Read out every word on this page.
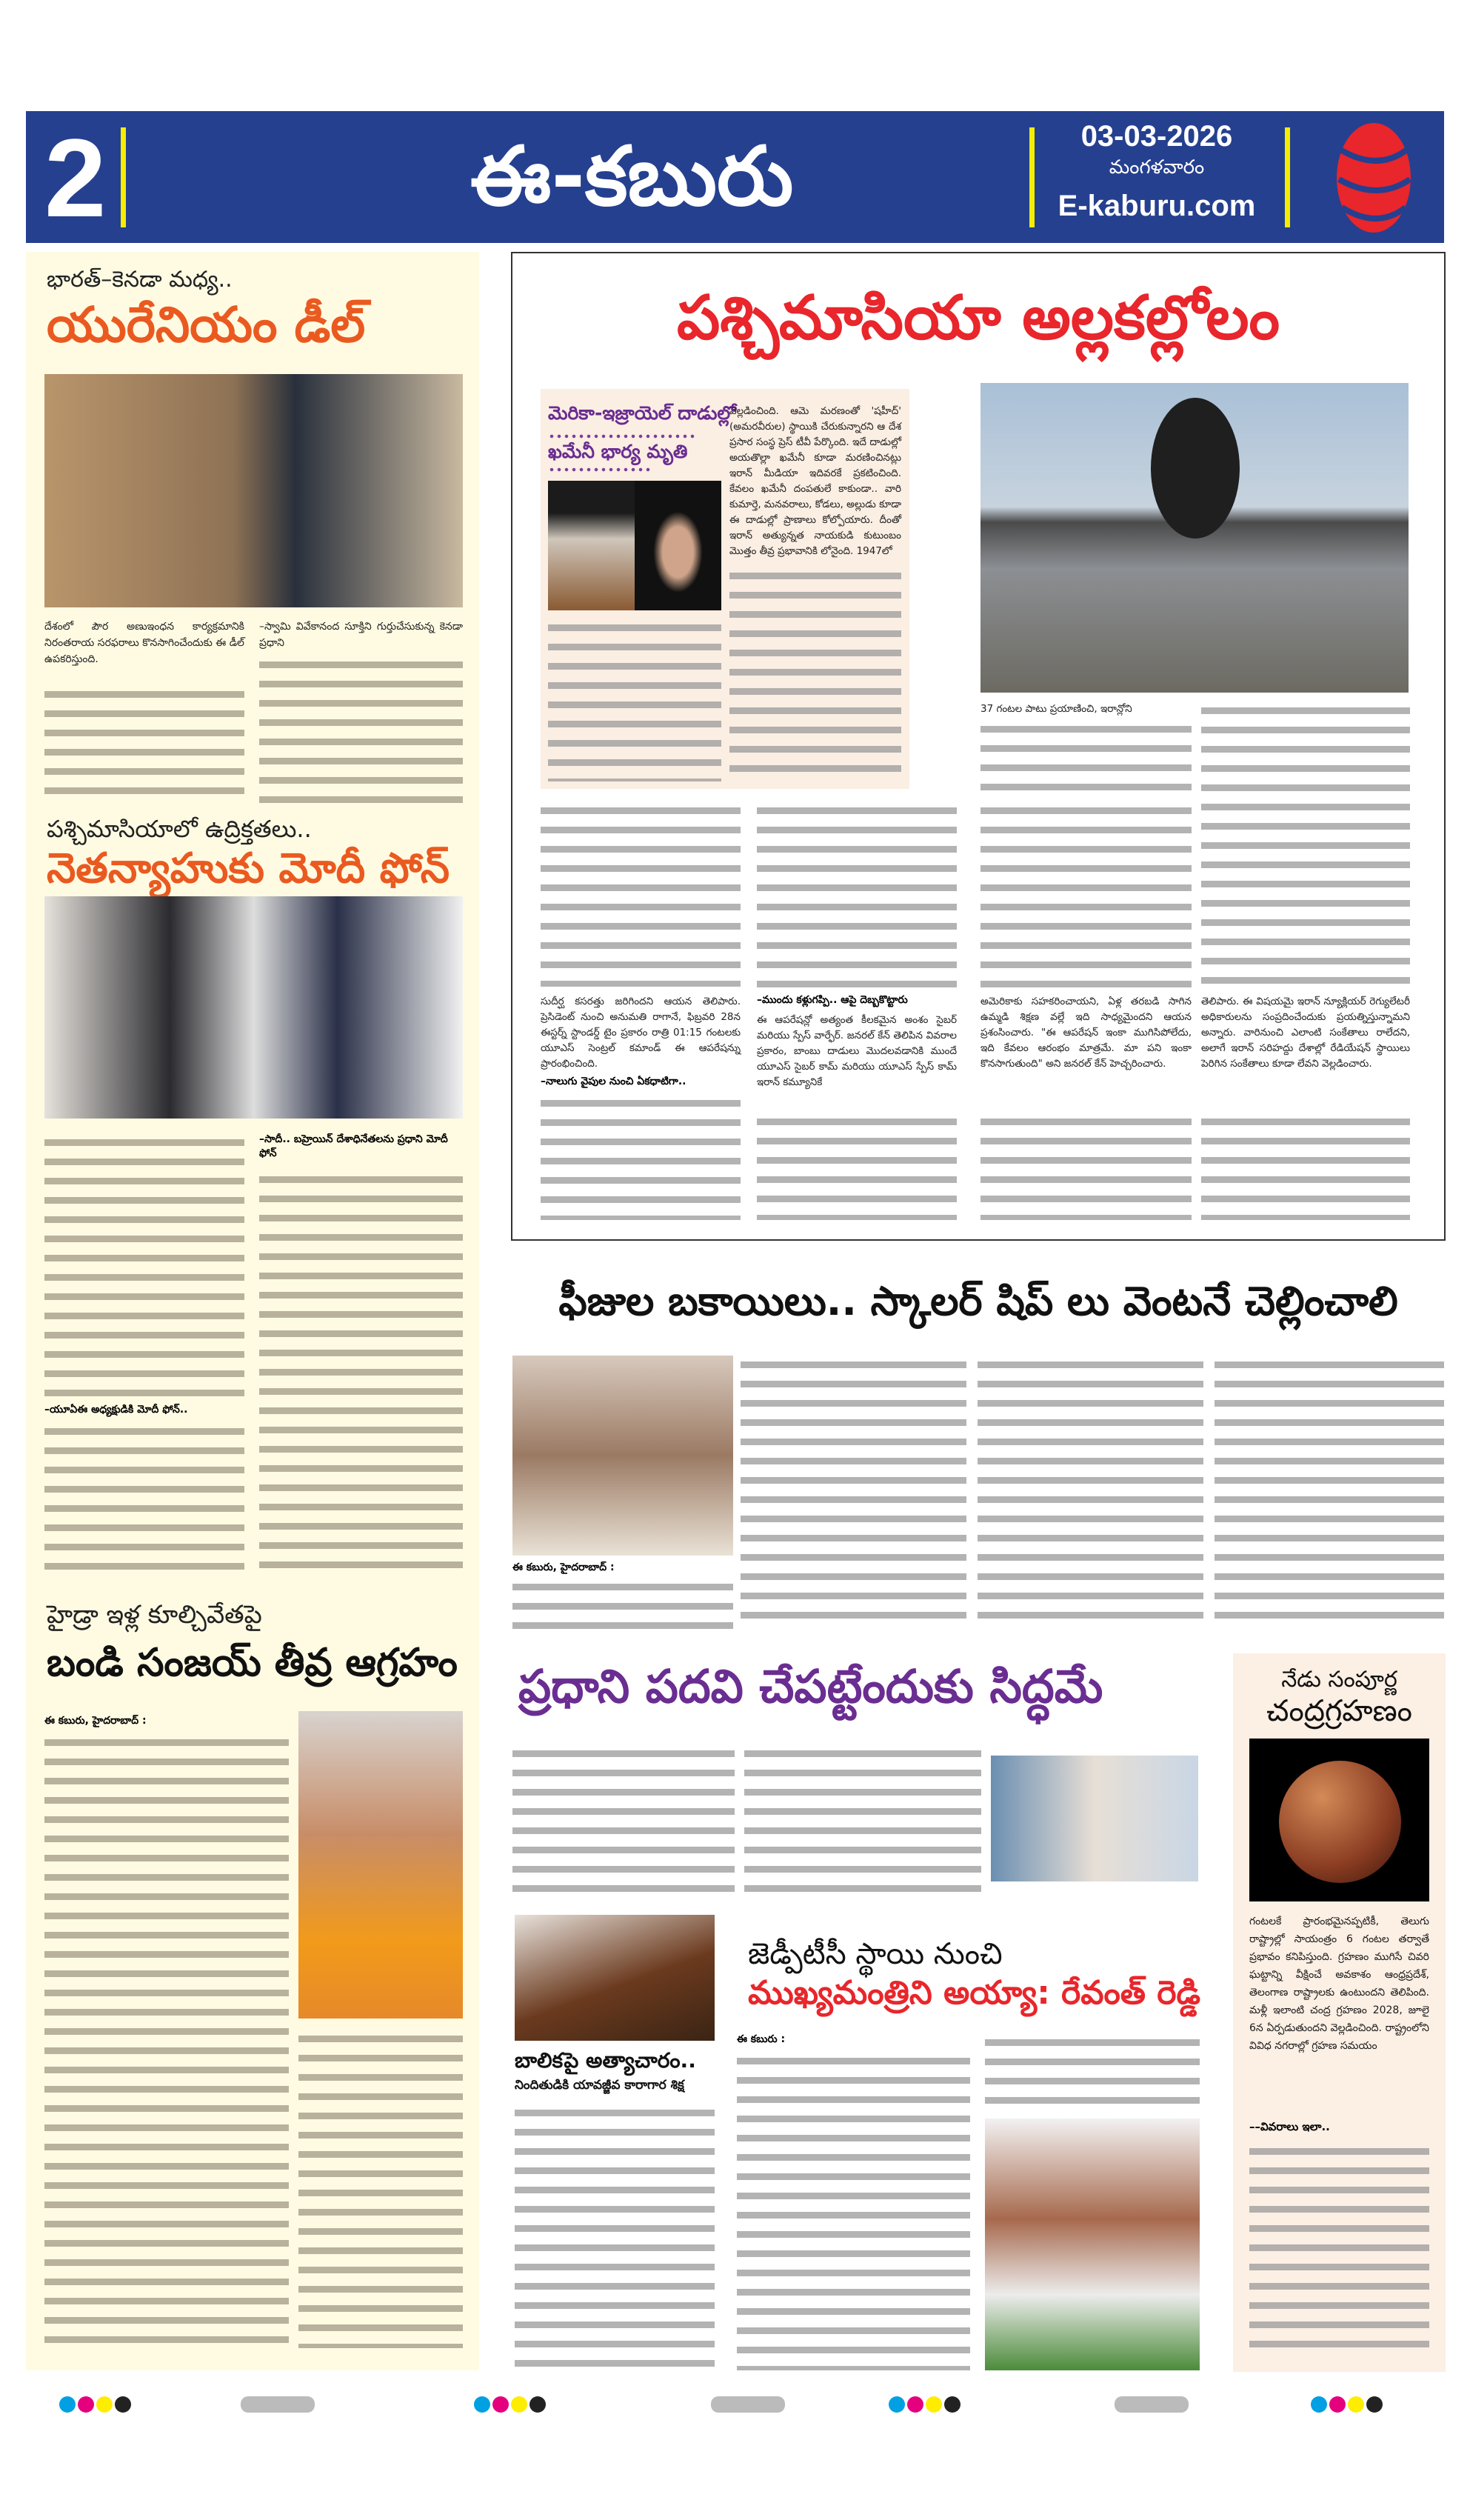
2	ఈ-కబురు	03-03-2026
మంగళవారం
E-kaburu.com
భారత్–కెనడా మధ్య..
యురేనియం డీల్
దేశంలో పౌర అణుఇంధన కార్యక్రమానికి నిరంతరాయ సరఫరాలు కొనసాగించేందుకు ఈ డీల్ ఉపకరిస్తుంది.
–స్వామి వివేకానంద సూక్తిని గుర్తుచేసుకున్న కెనడా ప్రధాని
పశ్చిమాసియాలో ఉద్రిక్తతలు..
నెతన్యాహుకు మోదీ ఫోన్
–యూఏఈ అధ్యక్షుడికి మోదీ ఫోన్..
–సాదీ.. బహ్రెయిన్ దేశాధినేతలను ప్రధాని మోదీ ఫోన్
హైడ్రా ఇళ్ల కూల్చివేతపై
బండి సంజయ్ తీవ్ర ఆగ్రహం
ఈ కబురు, హైదరాబాద్ :
పశ్చిమాసియా అల్లకల్లోలం
మెరికా-ఇజ్రాయెల్ దాడుల్లో
ఖమేనీ భార్య మృతి
వెల్లడించింది. ఆమె మరణంతో 'షహీద్' (అమరవీరుల) స్థాయికి చేరుకున్నారని ఆ దేశ ప్రసార సంస్థ ప్రెస్ టీవీ పేర్కొంది. ఇదే దాడుల్లో అయతొల్లా ఖమేనీ కూడా మరణించినట్లు ఇరాన్ మీడియా ఇదివరకే ప్రకటించింది. కేవలం ఖమేనీ దంపతులే కాకుండా.. వారి కుమార్తె, మనవరాలు, కోడలు, అల్లుడు కూడా ఈ దాడుల్లో ప్రాణాలు కోల్పోయారు. దీంతో ఇరాన్ అత్యున్నత నాయకుడి కుటుంబం మొత్తం తీవ్ర ప్రభావానికి లోనైంది. 1947లో
37 గంటల పాటు ప్రయాణించి, ఇరాన్లోని
సుదీర్ఘ కసరత్తు జరిగిందని ఆయన తెలిపారు. ప్రెసిడెంట్ నుంచి అనుమతి రాగానే, ఫిబ్రవరి 28న ఈస్టర్న్ స్టాండర్డ్ టైం ప్రకారం రాత్రి 01:15 గంటలకు యూఎస్ సెంట్రల్ కమాండ్ ఈ ఆపరేషన్ను ప్రారంభించింది.
–నాలుగు వైపుల నుంచి ఏకధాటిగా..
–ముందు కళ్లుగప్పి.. ఆపై దెబ్బకొట్టారు
ఈ ఆపరేషన్లో అత్యంత కీలకమైన అంశం సైబర్ మరియు స్పేస్ వార్ఫేర్. జనరల్ కేన్ తెలిపిన వివరాల ప్రకారం, బాంబు దాడులు మొదలవడానికి ముందే యూఎస్ సైబర్ కామ్ మరియు యూఎస్ స్పేస్ కామ్ ఇరాన్ కమ్యూనికే
అమెరికాకు సహకరించాయని, ఏళ్ల తరబడి సాగిన ఉమ్మడి శిక్షణ వల్లే ఇది సాధ్యమైందని ఆయన ప్రశంసించారు. "ఈ ఆపరేషన్ ఇంకా ముగిసిపోలేదు, ఇది కేవలం ఆరంభం మాత్రమే. మా పని ఇంకా కొనసాగుతుంది" అని జనరల్ కేన్ హెచ్చరించారు.
తెలిపారు. ఈ విషయమై ఇరాన్ న్యూక్లియర్ రెగ్యులేటరీ అధికారులను సంప్రదించేందుకు ప్రయత్నిస్తున్నామని అన్నారు. వారినుంచి ఎలాంటి సంకేతాలు రాలేదని, అలాగే ఇరాన్ సరిహద్దు దేశాల్లో రేడియేషన్ స్థాయిలు పెరిగిన సంకేతాలు కూడా లేవని వెల్లడించారు.
ఫీజుల బకాయిలు.. స్కాలర్ షిప్ లు వెంటనే చెల్లించాలి
ఈ కబురు, హైదరాబాద్ :
ప్రధాని పదవి చేపట్టేందుకు సిద్ధమే
బాలికపై అత్యాచారం..
నిందితుడికి యావజ్జీవ కారాగార శిక్ష
జెడ్పీటీసీ స్థాయి నుంచి
ముఖ్యమంత్రిని అయ్యా: రేవంత్ రెడ్డి
ఈ కబురు :
నేడు సంపూర్ణ
చంద్రగ్రహణం
గంటలకే ప్రారంభమైనప్పటికీ, తెలుగు రాష్ట్రాల్లో సాయంత్రం 6 గంటల తర్వాతే ప్రభావం కనిపిస్తుంది. గ్రహణం ముగిసే చివరి ఘట్టాన్ని వీక్షించే అవకాశం ఆంధ్రప్రదేశ్, తెలంగాణ రాష్ట్రాలకు ఉంటుందని తెలిపింది. మళ్లీ ఇలాంటి చంద్ర గ్రహణం 2028, జూలై 6న ఏర్పడుతుందని వెల్లడించింది. రాష్ట్రంలోని వివిధ నగరాల్లో గ్రహణ సమయం
––వివరాలు ఇలా..
